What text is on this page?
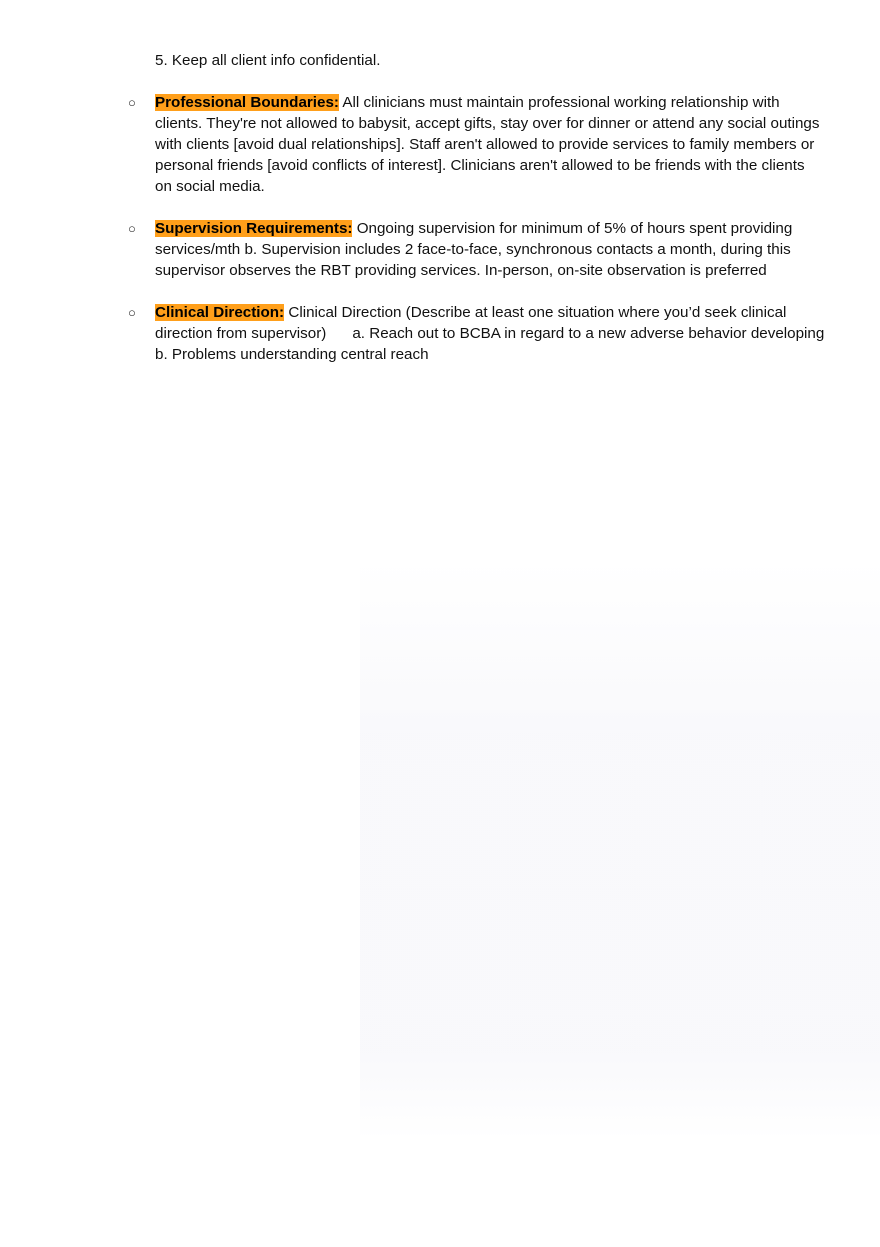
5. Keep all client info confidential.

○ Professional Boundaries: All clinicians must maintain professional working relationship with clients. They're not allowed to babysit, accept gifts, stay over for dinner or attend any social outings with clients [avoid dual relationships]. Staff aren't allowed to provide services to family members or personal friends [avoid conflicts of interest]. Clinicians aren't allowed to be friends with the clients on social media.
○ Supervision Requirements: Ongoing supervision for minimum of 5% of hours spent providing services/mth b. Supervision includes 2 face-to-face, synchronous contacts a month, during this supervisor observes the RBT providing services. In-person, on-site observation is preferred
○ Clinical Direction: Clinical Direction (Describe at least one situation where you’d seek clinical direction from supervisor) a. Reach out to BCBA in regard to a new adverse behavior developing b. Problems understanding central reach
